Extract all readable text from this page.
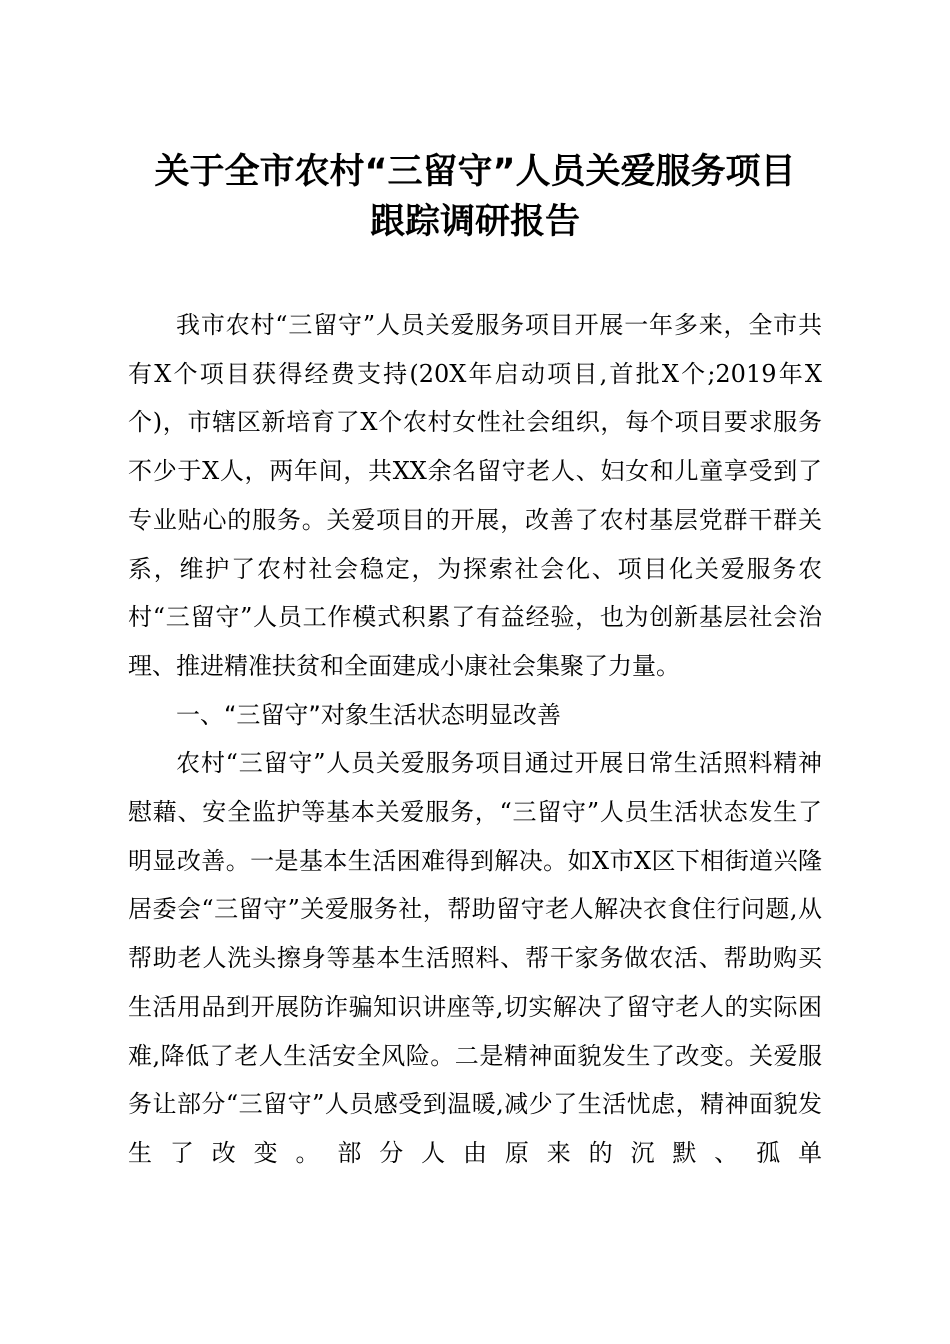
关于全市农村“三留守”人员关爱服务项目
跟踪调研报告

我市农村“三留守”人员关爱服务项目开展一年多来，全市共有X个项目获得经费支持(20X年启动项目,首批X个;2019年X个)，市辖区新培育了X个农村女性社会组织，每个项目要求服务不少于X人，两年间，共XX余名留守老人、妇女和儿童享受到了专业贴心的服务。关爱项目的开展，改善了农村基层党群干群关系，维护了农村社会稳定，为探索社会化、项目化关爱服务农村“三留守”人员工作模式积累了有益经验，也为创新基层社会治理、推进精准扶贫和全面建成小康社会集聚了力量。

一、“三留守”对象生活状态明显改善

农村“三留守”人员关爱服务项目通过开展日常生活照料精神慰藉、安全监护等基本关爱服务，“三留守”人员生活状态发生了明显改善。一是基本生活困难得到解决。如X市X区下相街道兴隆居委会“三留守”关爱服务社，帮助留守老人解决衣食住行问题,从帮助老人洗头擦身等基本生活照料、帮干家务做农活、帮助购买生活用品到开展防诈骗知识讲座等,切实解决了留守老人的实际困难,降低了老人生活安全风险。二是精神面貌发生了改变。关爱服务让部分“三留守”人员感受到温暖,减少了生活忧虑，精神面貌发生了改变。部分人由原来的沉默、孤单
